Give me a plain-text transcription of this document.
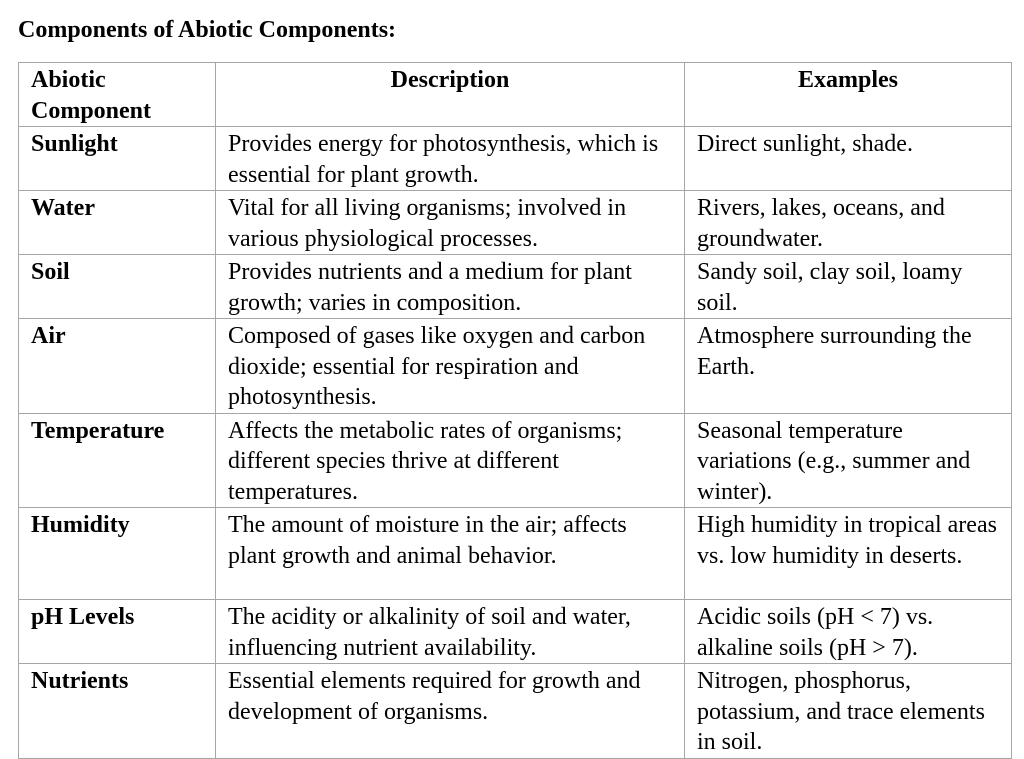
Components of Abiotic Components:
Abiotic Component	Description	Examples
Sunlight	Provides energy for photosynthesis, which is essential for plant growth.	Direct sunlight, shade.
Water	Vital for all living organisms; involved in various physiological processes.	Rivers, lakes, oceans, and groundwater.
Soil	Provides nutrients and a medium for plant growth; varies in composition.	Sandy soil, clay soil, loamy soil.
Air	Composed of gases like oxygen and carbon dioxide; essential for respiration and photosynthesis.	Atmosphere surrounding the Earth.
Temperature	Affects the metabolic rates of organisms; different species thrive at different temperatures.	Seasonal temperature variations (e.g., summer and winter).
Humidity	The amount of moisture in the air; affects plant growth and animal behavior.	High humidity in tropical areas vs. low humidity in deserts.
pH Levels	The acidity or alkalinity of soil and water, influencing nutrient availability.	Acidic soils (pH < 7) vs. alkaline soils (pH > 7).
Nutrients	Essential elements required for growth and development of organisms.	Nitrogen, phosphorus, potassium, and trace elements in soil.
